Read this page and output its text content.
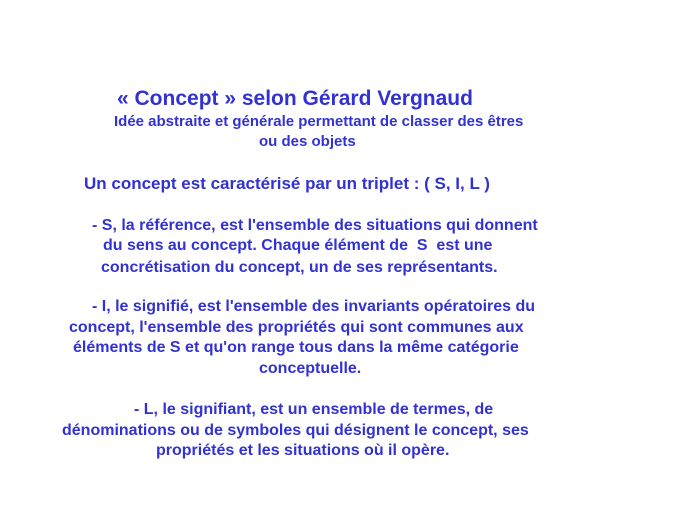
« Concept » selon Gérard Vergnaud
Idée abstraite et générale permettant de classer des êtres
ou des objets
Un concept est caractérisé par un triplet : ( S, I, L )
- S, la référence, est l'ensemble des situations qui donnent
du sens au concept. Chaque élément de  S  est une
concrétisation du concept, un de ses représentants.
- I, le signifié, est l'ensemble des invariants opératoires du
concept, l'ensemble des propriétés qui sont communes aux
éléments de S et qu'on range tous dans la même catégorie
conceptuelle.
- L, le signifiant, est un ensemble de termes, de
dénominations ou de symboles qui désignent le concept, ses
propriétés et les situations où il opère.
